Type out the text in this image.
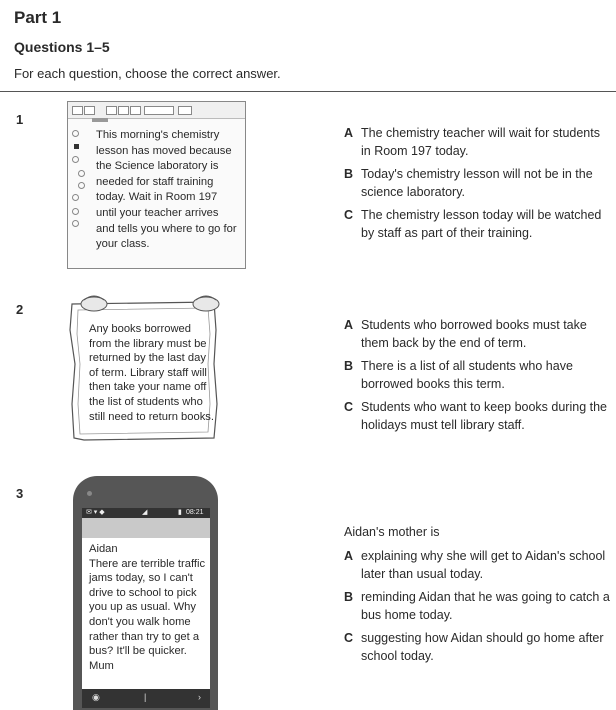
Part 1
Questions 1–5
For each question, choose the correct answer.
1
This morning's chemistry lesson has moved because the Science laboratory is needed for staff training today. Wait in Room 197 until your teacher arrives and tells you where to go for your class.
A The chemistry teacher will wait for students in Room 197 today.
B Today's chemistry lesson will not be in the science laboratory.
C The chemistry lesson today will be watched by staff as part of their training.
2
Any books borrowed from the library must be returned by the last day of term. Library staff will then take your name off the list of students who still need to return books.
A Students who borrowed books must take them back by the end of term.
B There is a list of all students who have borrowed books this term.
C Students who want to keep books during the holidays must tell library staff.
3
✉ ▾ ◆	◢	▮ 08:21
Aidan
There are terrible traffic jams today, so I can't drive to school to pick you up as usual. Why don't you walk home rather than try to get a bus? It'll be quicker.
Mum
◉	|	›
Aidan's mother is
A explaining why she will get to Aidan's school later than usual today.
B reminding Aidan that he was going to catch a bus home today.
C suggesting how Aidan should go home after school today.
